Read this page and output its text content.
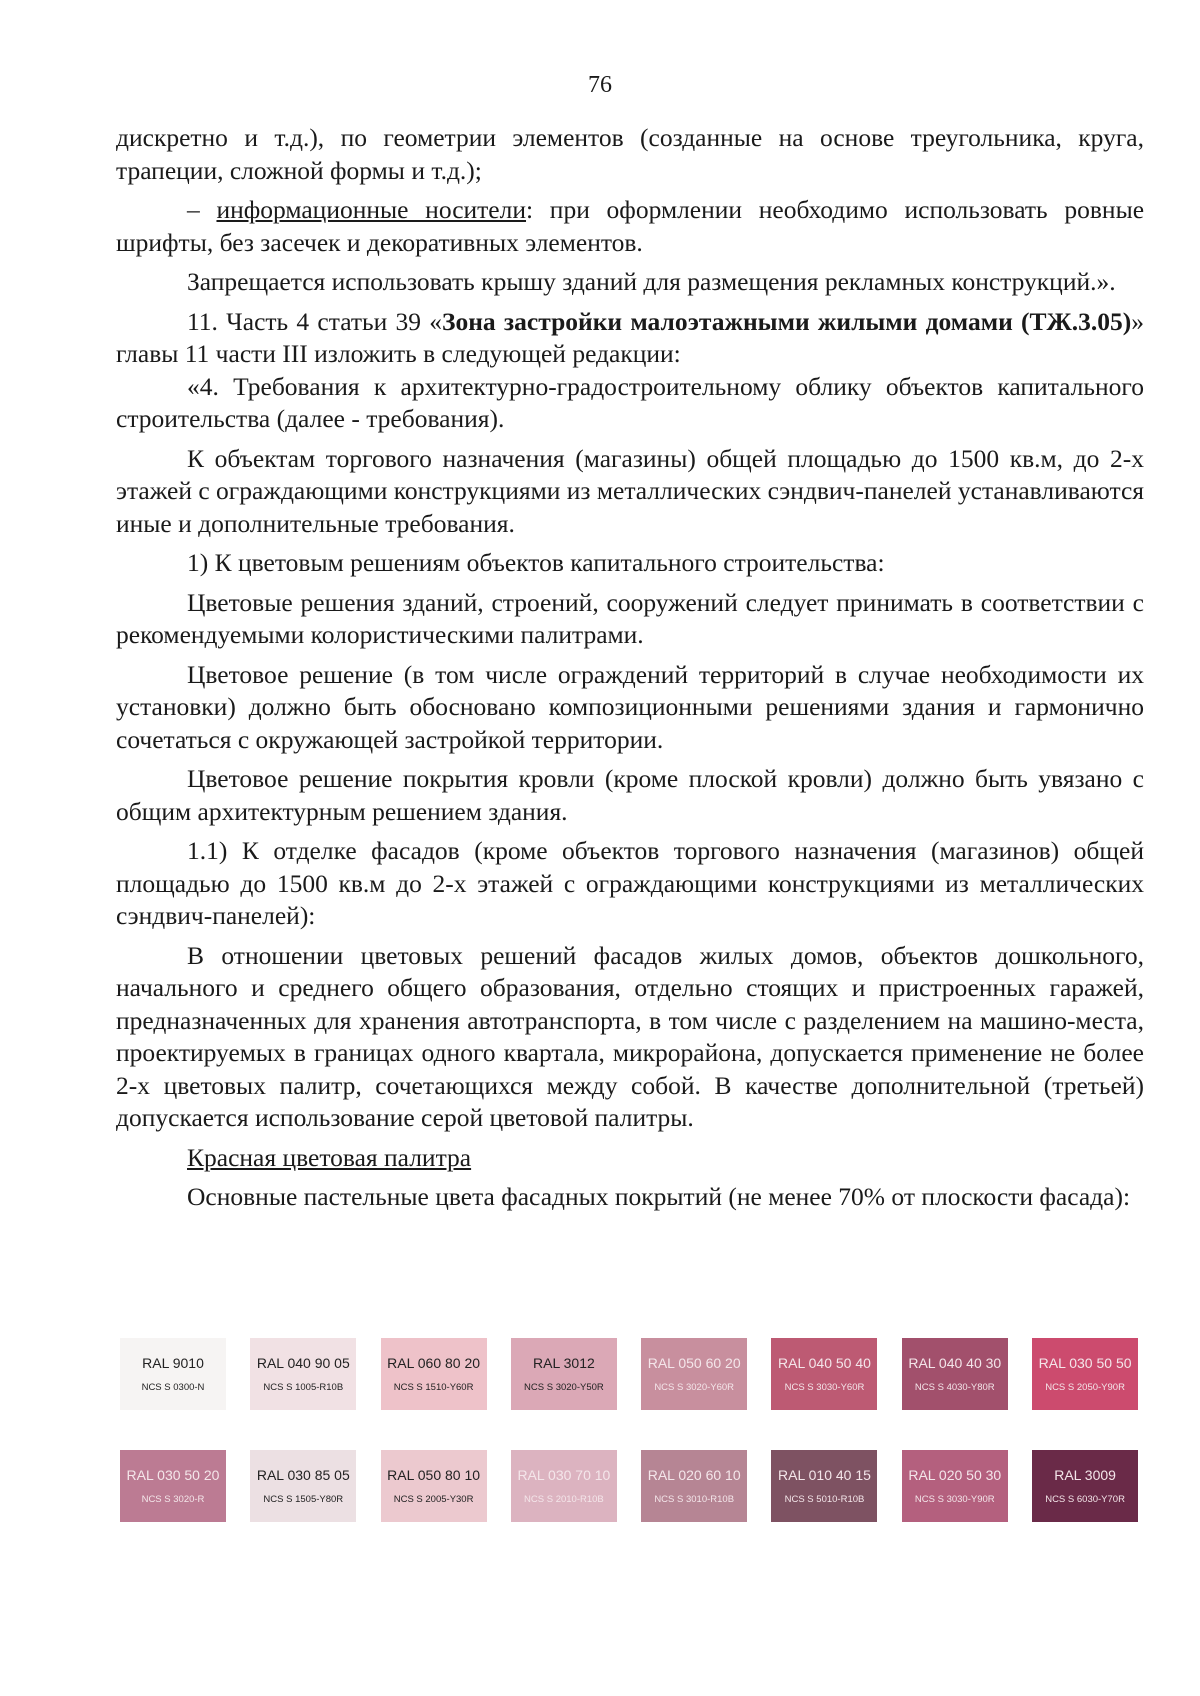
76

дискретно и т.д.), по геометрии элементов (созданные на основе треугольника, круга, трапеции, сложной формы и т.д.);

– информационные носители: при оформлении необходимо использовать ровные шрифты, без засечек и декоративных элементов.

Запрещается использовать крышу зданий для размещения рекламных конструкций.».

11. Часть 4 статьи 39 «Зона застройки малоэтажными жилыми домами (ТЖ.3.05)» главы 11 части III изложить в следующей редакции:

«4. Требования к архитектурно-градостроительному облику объектов капитального строительства (далее - требования).

К объектам торгового назначения (магазины) общей площадью до 1500 кв.м, до 2-х этажей с ограждающими конструкциями из металлических сэндвич-панелей устанавливаются иные и дополнительные требования.

1) К цветовым решениям объектов капитального строительства:

Цветовые решения зданий, строений, сооружений следует принимать в соответствии с рекомендуемыми колористическими палитрами.

Цветовое решение (в том числе ограждений территорий в случае необходимости их установки) должно быть обосновано композиционными решениями здания и гармонично сочетаться с окружающей застройкой территории.

Цветовое решение покрытия кровли (кроме плоской кровли) должно быть увязано с общим архитектурным решением здания.

1.1) К отделке фасадов (кроме объектов торгового назначения (магазинов) общей площадью до 1500 кв.м до 2-х этажей с ограждающими конструкциями из металлических сэндвич-панелей):

В отношении цветовых решений фасадов жилых домов, объектов дошкольного, начального и среднего общего образования, отдельно стоящих и пристроенных гаражей, предназначенных для хранения автотранспорта, в том числе с разделением на машино-места, проектируемых в границах одного квартала, микрорайона, допускается применение не более 2-х цветовых палитр, сочетающихся между собой. В качестве дополнительной (третьей) допускается использование серой цветовой палитры.

Красная цветовая палитра

Основные пастельные цвета фасадных покрытий (не менее 70% от плоскости фасада):

RAL 9010
NCS S 0300-N
RAL 040 90 05
NCS S 1005-R10B
RAL 060 80 20
NCS S 1510-Y60R
RAL 3012
NCS S 3020-Y50R
RAL 050 60 20
NCS S 3020-Y60R
RAL 040 50 40
NCS S 3030-Y60R
RAL 040 40 30
NCS S 4030-Y80R
RAL 030 50 50
NCS S 2050-Y90R
RAL 030 50 20
NCS S 3020-R
RAL 030 85 05
NCS S 1505-Y80R
RAL 050 80 10
NCS S 2005-Y30R
RAL 030 70 10
NCS S 2010-R10B
RAL 020 60 10
NCS S 3010-R10B
RAL 010 40 15
NCS S 5010-R10B
RAL 020 50 30
NCS S 3030-Y90R
RAL 3009
NCS S 6030-Y70R
